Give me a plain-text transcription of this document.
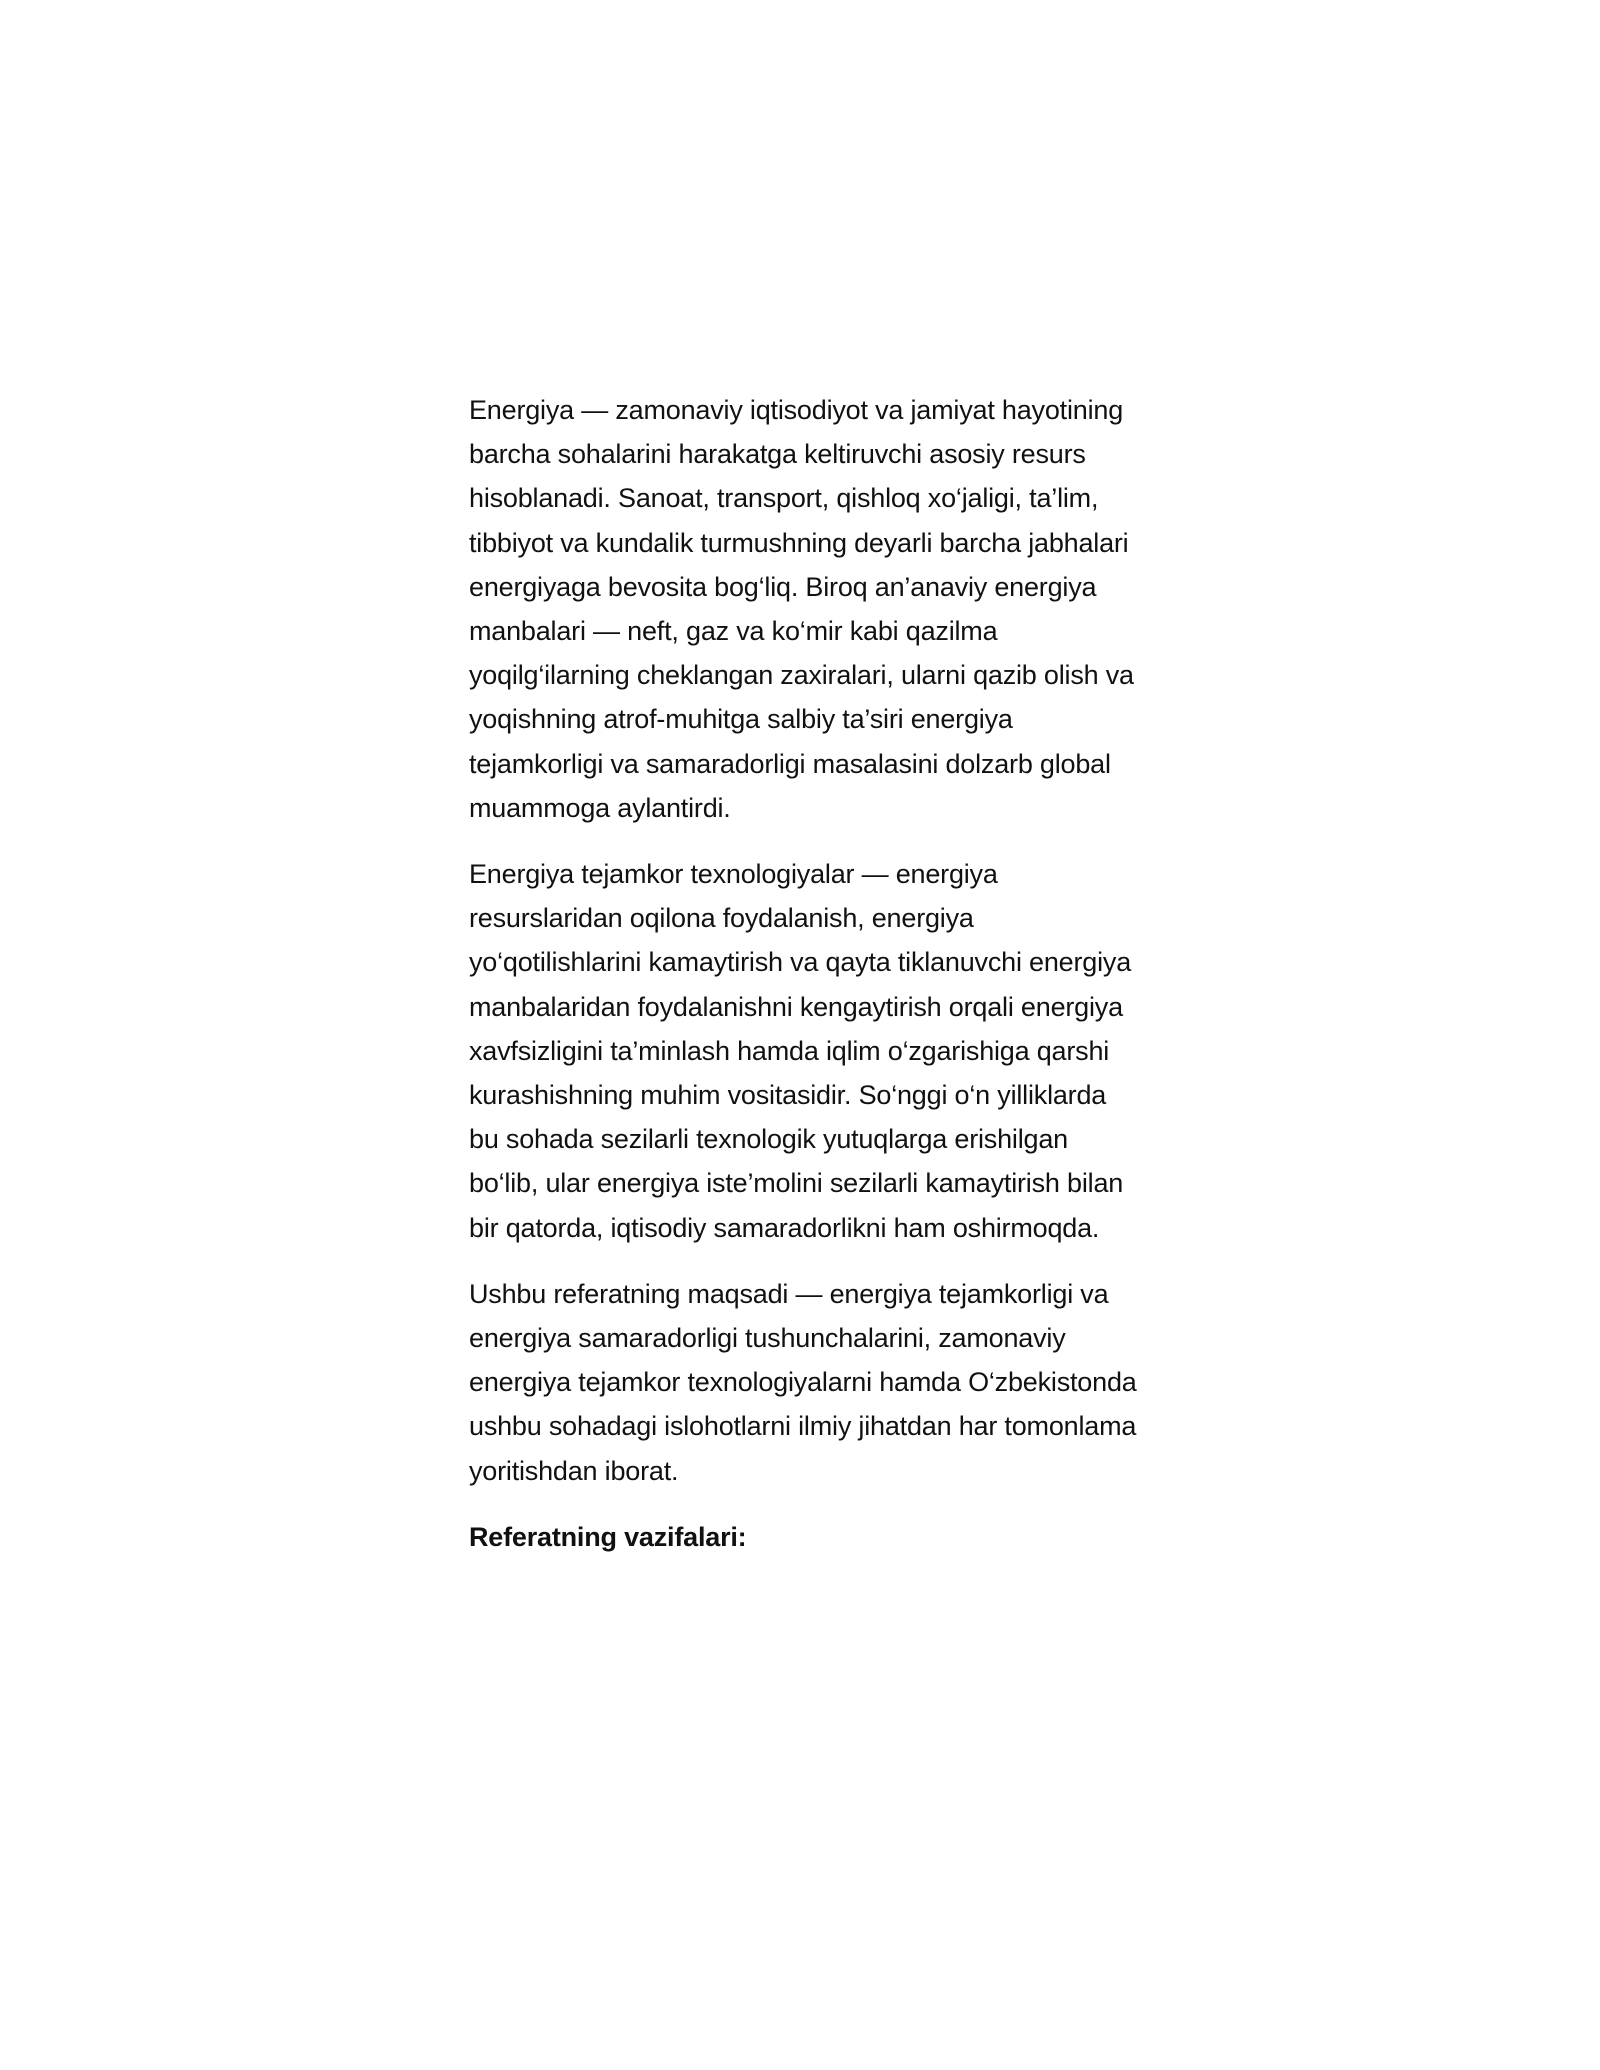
Energiya — zamonaviy iqtisodiyot va jamiyat hayotining barcha sohalarini harakatga keltiruvchi asosiy resurs hisoblanadi. Sanoat, transport, qishloq xo‘jaligi, ta’lim, tibbiyot va kundalik turmushning deyarli barcha jabhalari energiyaga bevosita bog‘liq. Biroq an’anaviy energiya manbalari — neft, gaz va ko‘mir kabi qazilma yoqilg‘ilarning cheklangan zaxiralari, ularni qazib olish va yoqishning atrof-muhitga salbiy ta’siri energiya tejamkorligi va samaradorligi masalasini dolzarb global muammoga aylantirdi.

Energiya tejamkor texnologiyalar — energiya resurslaridan oqilona foydalanish, energiya yo‘qotilishlarini kamaytirish va qayta tiklanuvchi energiya manbalaridan foydalanishni kengaytirish orqali energiya xavfsizligini ta’minlash hamda iqlim o‘zgarishiga qarshi kurashishning muhim vositasidir. So‘nggi o‘n yilliklarda bu sohada sezilarli texnologik yutuqlarga erishilgan bo‘lib, ular energiya iste’molini sezilarli kamaytirish bilan bir qatorda, iqtisodiy samaradorlikni ham oshirmoqda.

Ushbu referatning maqsadi — energiya tejamkorligi va energiya samaradorligi tushunchalarini, zamonaviy energiya tejamkor texnologiyalarni hamda O‘zbekistonda ushbu sohadagi islohotlarni ilmiy jihatdan har tomonlama yoritishdan iborat.

Referatning vazifalari:
